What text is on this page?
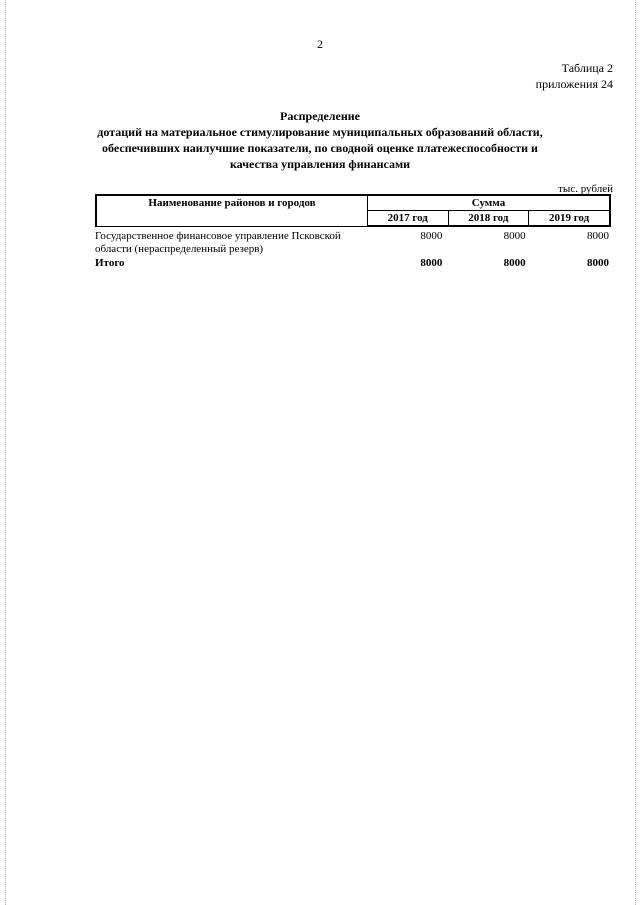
2
Таблица 2
приложения 24
Распределение
дотаций на материальное стимулирование муниципальных образований области,
обеспечивших наилучшие показатели, по сводной оценке платежеспособности и
качества управления финансами
тыс. рублей
Наименование районов и городов	Сумма		
	2017 год	2018 год	2019 год
Государственное финансовое управление Псковской
области (нераспределенный резерв)	8000	8000	8000
Итого	8000	8000	8000
